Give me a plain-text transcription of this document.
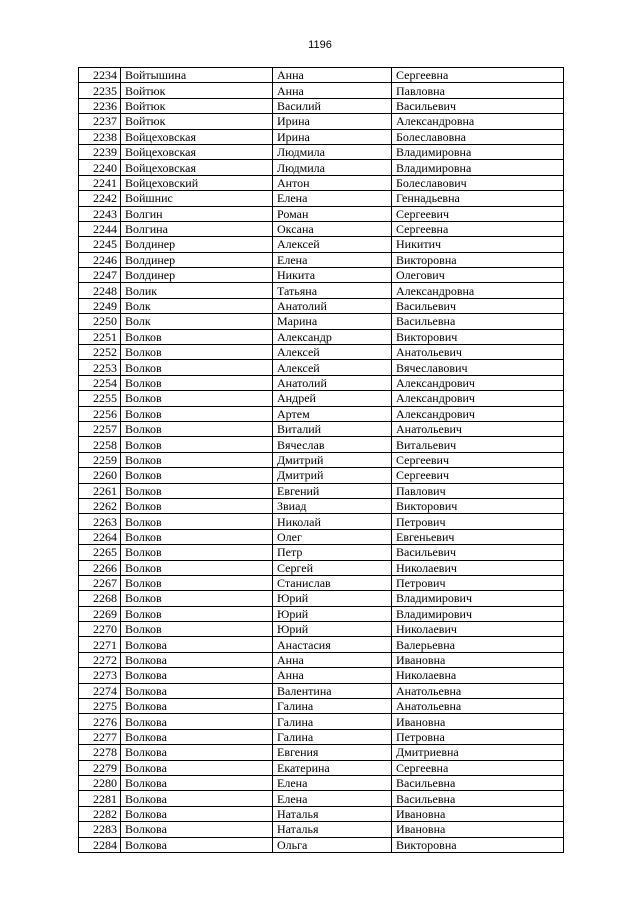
1196
2234	Войтышина	Анна	Сергеевна
2235	Войтюк	Анна	Павловна
2236	Войтюк	Василий	Васильевич
2237	Войтюк	Ирина	Александровна
2238	Войцеховская	Ирина	Болеславовна
2239	Войцеховская	Людмила	Владимировна
2240	Войцеховская	Людмила	Владимировна
2241	Войцеховский	Антон	Болеславович
2242	Войшнис	Елена	Геннадьевна
2243	Волгин	Роман	Сергеевич
2244	Волгина	Оксана	Сергеевна
2245	Волдинер	Алексей	Никитич
2246	Волдинер	Елена	Викторовна
2247	Волдинер	Никита	Олегович
2248	Волик	Татьяна	Александровна
2249	Волк	Анатолий	Васильевич
2250	Волк	Марина	Васильевна
2251	Волков	Александр	Викторович
2252	Волков	Алексей	Анатольевич
2253	Волков	Алексей	Вячеславович
2254	Волков	Анатолий	Александрович
2255	Волков	Андрей	Александрович
2256	Волков	Артем	Александрович
2257	Волков	Виталий	Анатольевич
2258	Волков	Вячеслав	Витальевич
2259	Волков	Дмитрий	Сергеевич
2260	Волков	Дмитрий	Сергеевич
2261	Волков	Евгений	Павлович
2262	Волков	Звиад	Викторович
2263	Волков	Николай	Петрович
2264	Волков	Олег	Евгеньевич
2265	Волков	Петр	Васильевич
2266	Волков	Сергей	Николаевич
2267	Волков	Станислав	Петрович
2268	Волков	Юрий	Владимирович
2269	Волков	Юрий	Владимирович
2270	Волков	Юрий	Николаевич
2271	Волкова	Анастасия	Валерьевна
2272	Волкова	Анна	Ивановна
2273	Волкова	Анна	Николаевна
2274	Волкова	Валентина	Анатольевна
2275	Волкова	Галина	Анатольевна
2276	Волкова	Галина	Ивановна
2277	Волкова	Галина	Петровна
2278	Волкова	Евгения	Дмитриевна
2279	Волкова	Екатерина	Сергеевна
2280	Волкова	Елена	Васильевна
2281	Волкова	Елена	Васильевна
2282	Волкова	Наталья	Ивановна
2283	Волкова	Наталья	Ивановна
2284	Волкова	Ольга	Викторовна
